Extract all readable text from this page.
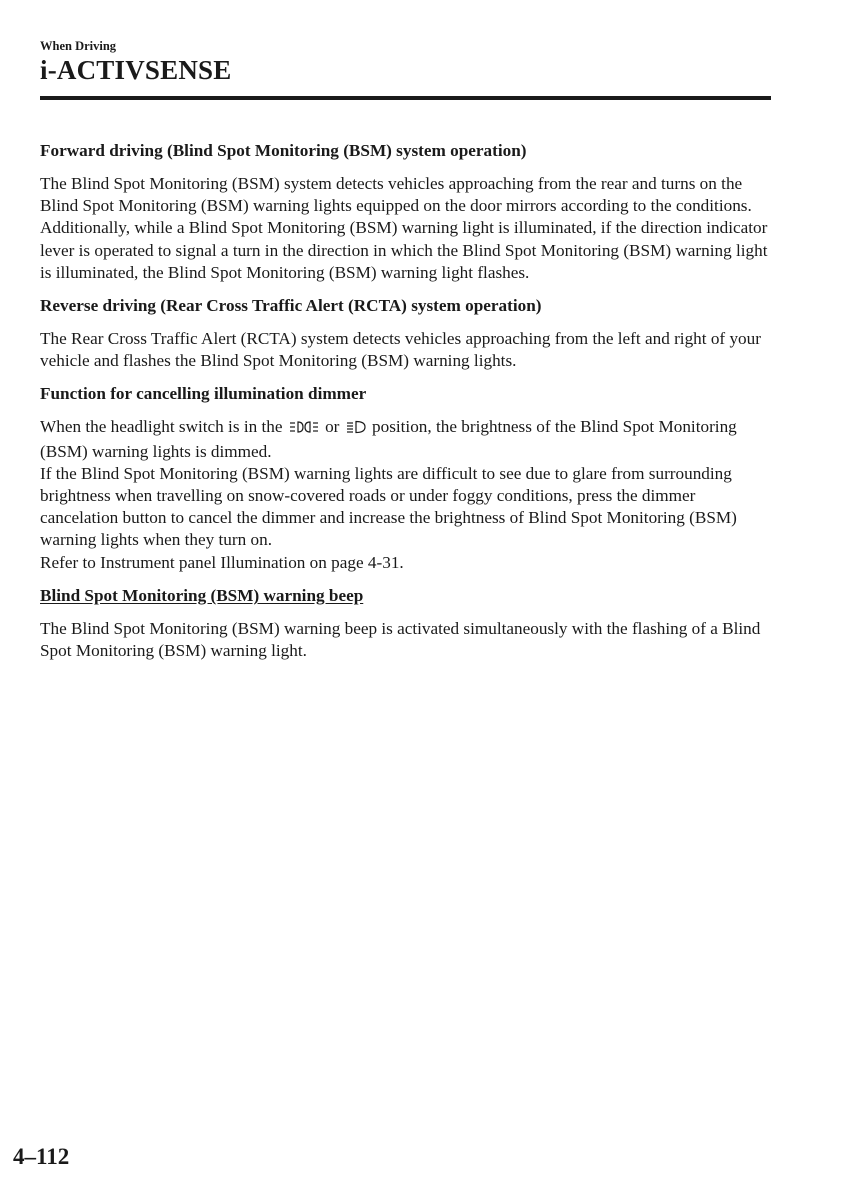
When Driving
i-ACTIVSENSE

Forward driving (Blind Spot Monitoring (BSM) system operation)

The Blind Spot Monitoring (BSM) system detects vehicles approaching from the rear and turns on the Blind Spot Monitoring (BSM) warning lights equipped on the door mirrors according to the conditions. Additionally, while a Blind Spot Monitoring (BSM) warning light is illuminated, if the direction indicator lever is operated to signal a turn in the direction in which the Blind Spot Monitoring (BSM) warning light is illuminated, the Blind Spot Monitoring (BSM) warning light flashes.

Reverse driving (Rear Cross Traffic Alert (RCTA) system operation)

The Rear Cross Traffic Alert (RCTA) system detects vehicles approaching from the left and right of your vehicle and flashes the Blind Spot Monitoring (BSM) warning lights.

Function for cancelling illumination dimmer

When the headlight switch is in the or position, the brightness of the Blind Spot Monitoring (BSM) warning lights is dimmed.
If the Blind Spot Monitoring (BSM) warning lights are difficult to see due to glare from surrounding brightness when travelling on snow-covered roads or under foggy conditions, press the dimmer cancelation button to cancel the dimmer and increase the brightness of Blind Spot Monitoring (BSM) warning lights when they turn on.
Refer to Instrument panel Illumination on page 4-31.

Blind Spot Monitoring (BSM) warning beep

The Blind Spot Monitoring (BSM) warning beep is activated simultaneously with the flashing of a Blind Spot Monitoring (BSM) warning light.

4–112
